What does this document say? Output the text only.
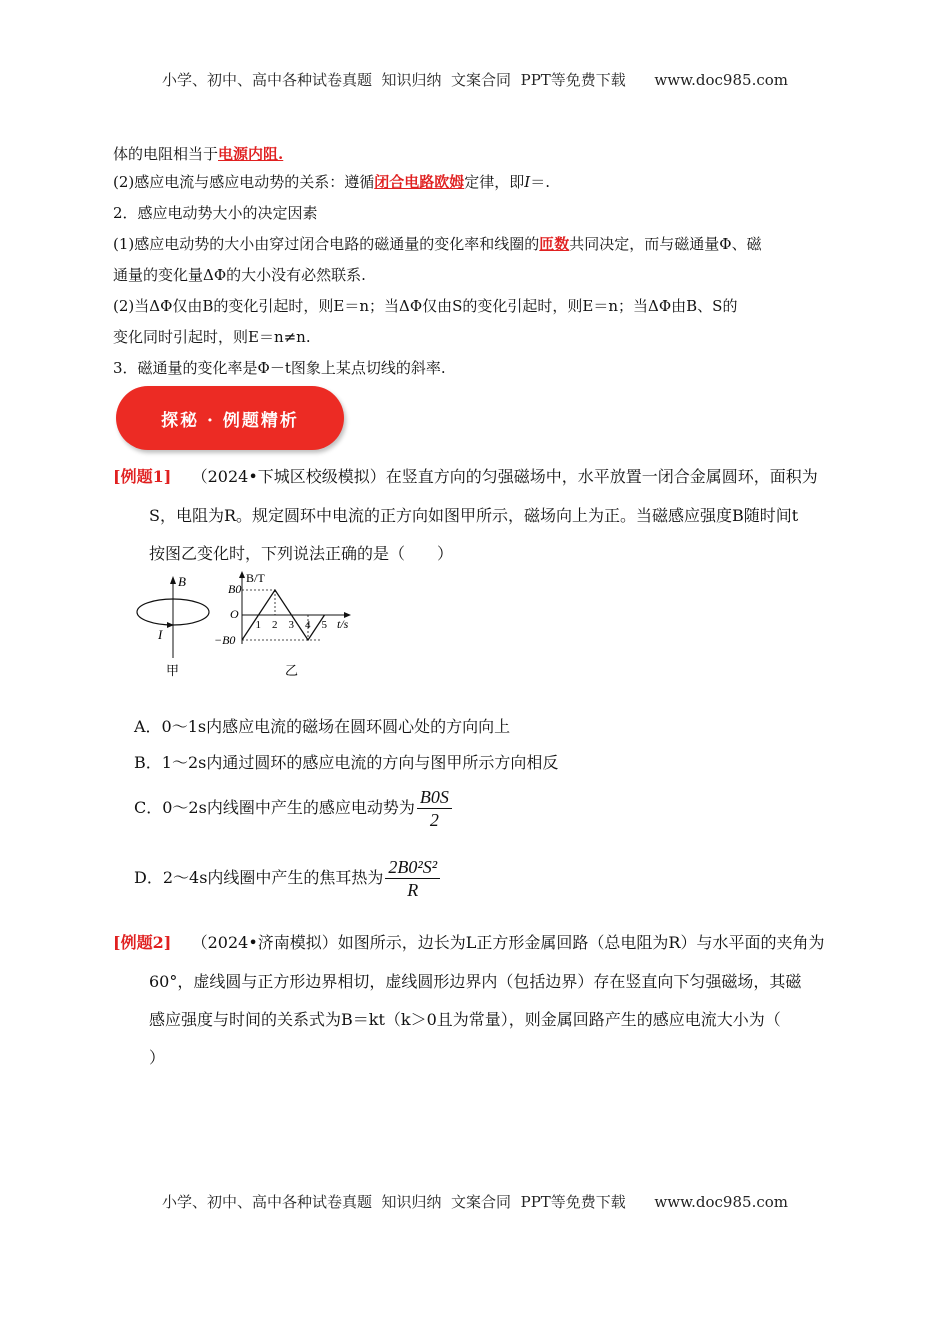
小学、初中、高中各种试卷真题  知识归纳  文案合同  PPT等免费下载      www.doc985.com
体的电阻相当于电源内阻.
(2)感应电流与感应电动势的关系：遵循闭合电路欧姆定律，即I＝.
2．感应电动势大小的决定因素
(1)感应电动势的大小由穿过闭合电路的磁通量的变化率和线圈的匝数共同决定，而与磁通量Φ、磁
通量的变化量ΔΦ的大小没有必然联系.
(2)当ΔΦ仅由B的变化引起时，则E＝n；当ΔΦ仅由S的变化引起时，则E＝n；当ΔΦ由B、S的
变化同时引起时，则E＝n≠n.
3．磁通量的变化率是Φ－t图象上某点切线的斜率.
探秘 · 例题精析
[例题1] （2024•下城区校级模拟）在竖直方向的匀强磁场中，水平放置一闭合金属圆环，面积为
S，电阻为R。规定圆环中电流的正方向如图甲所示，磁场向上为正。当磁感应强度B随时间t
按图乙变化时，下列说法正确的是（　　）
B
I
甲
B0
−B0
O
B/T
t/s
1 2 3 4 5
乙
A．0～1s内感应电流的磁场在圆环圆心处的方向向上
B．1～2s内通过圆环的感应电流的方向与图甲所示方向相反
C．0～2s内线圈中产生的感应电动势为 $\frac{B0S}{2}$
D．2～4s内线圈中产生的焦耳热为 $\frac{\text{2B0²S²}}{R}$
[例题2] （2024•济南模拟）如图所示，边长为L正方形金属回路（总电阻为R）与水平面的夹角为
60°，虚线圆与正方形边界相切，虚线圆形边界内（包括边界）存在竖直向下匀强磁场，其磁
感应强度与时间的关系式为B＝kt（k＞0且为常量），则金属回路产生的感应电流大小为（
）
小学、初中、高中各种试卷真题  知识归纳  文案合同  PPT等免费下载      www.doc985.com
